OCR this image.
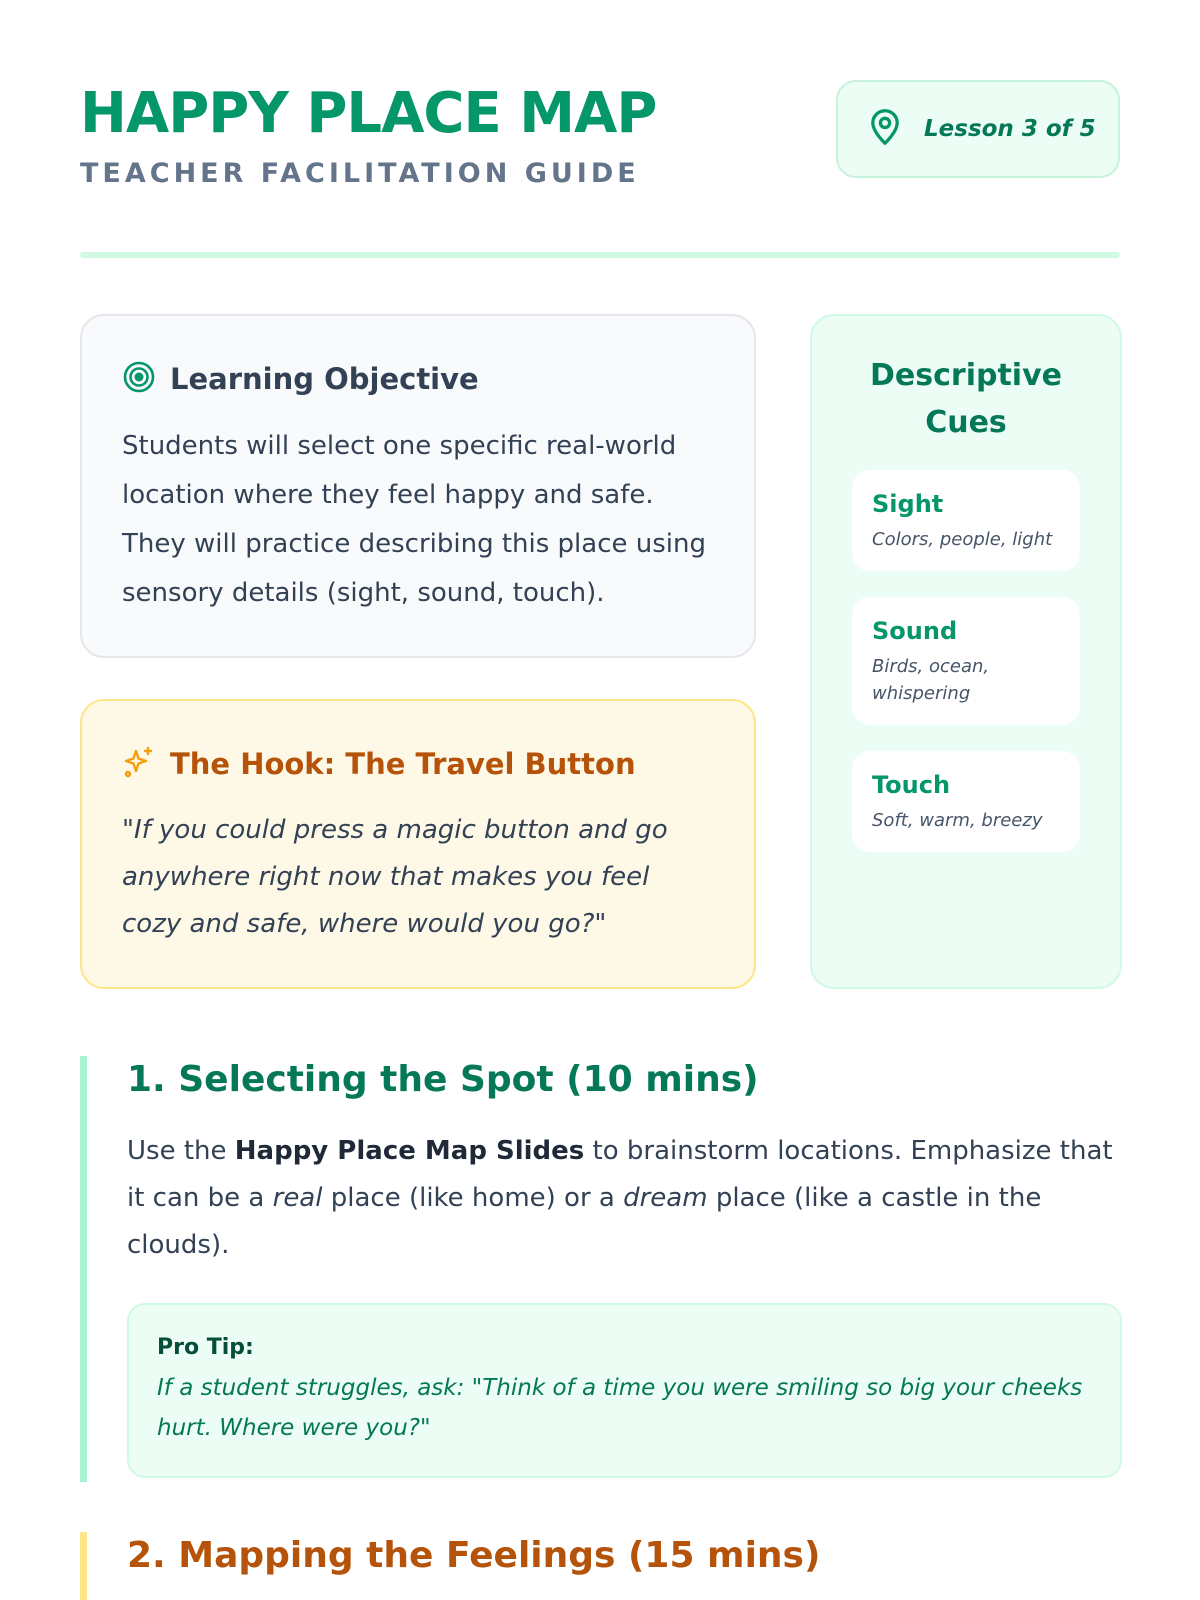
HAPPY PLACE MAP
TEACHER FACILITATION GUIDE
Lesson 3 of 5
Learning Objective

Students will select one specific real-world location where they feel happy and safe. They will practice describing this place using sensory details (sight, sound, touch).

The Hook: The Travel Button

"If you could press a magic button and go anywhere right now that makes you feel cozy and safe, where would you go?"

Descriptive Cues
Sight
Colors, people, light
Sound
Birds, ocean, whispering
Touch
Soft, warm, breezy
1. Selecting the Spot (10 mins)

Use the Happy Place Map Slides to brainstorm locations. Emphasize that it can be a real place (like home) or a dream place (like a castle in the clouds).

Pro Tip:
If a student struggles, ask: "Think of a time you were smiling so big your cheeks hurt. Where were you?"
2. Mapping the Feelings (15 mins)
